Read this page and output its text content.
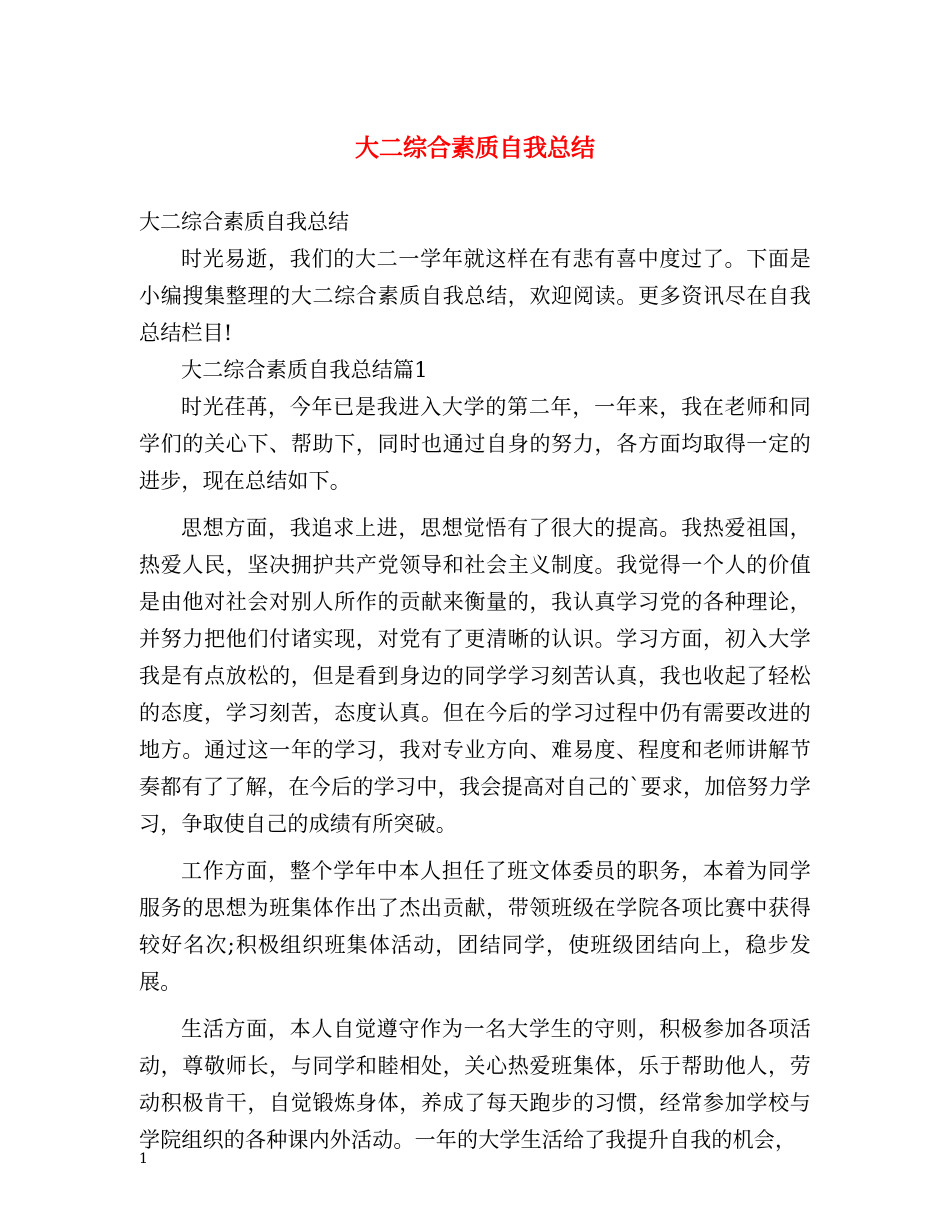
大二综合素质自我总结

大二综合素质自我总结

时光易逝，我们的大二一学年就这样在有悲有喜中度过了。下面是小编搜集整理的大二综合素质自我总结，欢迎阅读。更多资讯尽在自我总结栏目!

大二综合素质自我总结篇1

时光荏苒，今年已是我进入大学的第二年，一年来，我在老师和同学们的关心下、帮助下，同时也通过自身的努力，各方面均取得一定的进步，现在总结如下。

思想方面，我追求上进，思想觉悟有了很大的提高。我热爱祖国，热爱人民，坚决拥护共产党领导和社会主义制度。我觉得一个人的价值是由他对社会对别人所作的贡献来衡量的，我认真学习党的各种理论，并努力把他们付诸实现，对党有了更清晰的认识。学习方面，初入大学我是有点放松的，但是看到身边的同学学习刻苦认真，我也收起了轻松的态度，学习刻苦，态度认真。但在今后的学习过程中仍有需要改进的地方。通过这一年的学习，我对专业方向、难易度、程度和老师讲解节奏都有了了解，在今后的学习中，我会提高对自己的`要求，加倍努力学习，争取使自己的成绩有所突破。

工作方面，整个学年中本人担任了班文体委员的职务，本着为同学服务的思想为班集体作出了杰出贡献，带领班级在学院各项比赛中获得较好名次;积极组织班集体活动，团结同学，使班级团结向上，稳步发展。

生活方面，本人自觉遵守作为一名大学生的守则，积极参加各项活动，尊敬师长，与同学和睦相处，关心热爱班集体，乐于帮助他人，劳动积极肯干，自觉锻炼身体，养成了每天跑步的习惯，经常参加学校与学院组织的各种课内外活动。一年的大学生活给了我提升自我的机会，

1
